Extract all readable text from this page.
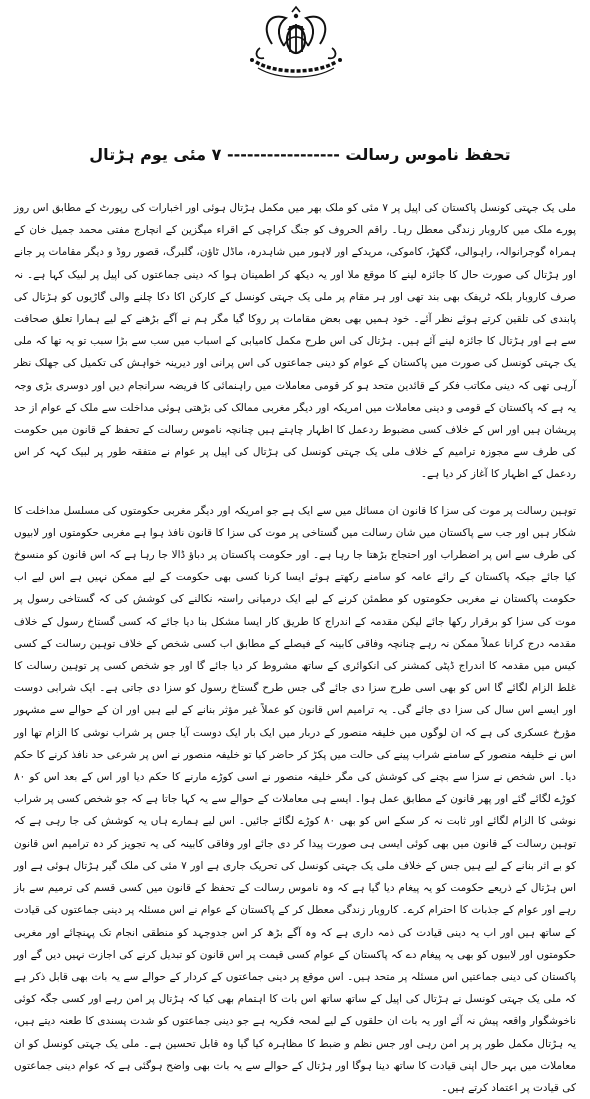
تحفظ ناموس رسالت ----------------- ۷ مئی یوم ہڑتال

ملی یک جہتی کونسل پاکستان کی اپیل پر ۷ مئی کو ملک بھر میں مکمل ہڑتال ہوئی اور اخبارات کی رپورٹ کے مطابق اس روز پورے ملک میں کاروبار زندگی معطل رہا۔ راقم الحروف کو جنگ کراچی کے اقراء میگزین کے انچارج مفتی محمد جمیل خان کے ہمراہ گوجرانوالہ، راہوالی، گکھڑ، کاموکی، مریدکے اور لاہور میں شاہدرہ، ماڈل ٹاؤن، گلبرگ، قصور روڈ و دیگر مقامات پر جانے اور ہڑتال کی صورت حال کا جائزہ لینے کا موقع ملا اور یہ دیکھ کر اطمینان ہوا کہ دینی جماعتوں کی اپیل پر لبیک کہا ہے۔ نہ صرف کاروبار بلکہ ٹریفک بھی بند تھی اور ہر مقام پر ملی یک جہتی کونسل کے کارکن اکا دکا چلنے والی گاڑیوں کو ہڑتال کی پابندی کی تلقین کرتے ہوئے نظر آئے۔ خود ہمیں بھی بعض مقامات پر روکا گیا مگر ہم نے آگے بڑھنے کے لیے ہمارا تعلق صحافت سے ہے اور ہڑتال کا جائزہ لینے آئے ہیں۔ ہڑتال کی اس طرح مکمل کامیابی کے اسباب میں سب سے بڑا سبب تو یہ تھا کہ ملی یک جہتی کونسل کی صورت میں پاکستان کے عوام کو دینی جماعتوں کی اس پرانی اور دیرینہ خواہش کی تکمیل کی جھلک نظر آرہی تھی کہ دینی مکاتب فکر کے قائدین متحد ہو کر قومی معاملات میں راہنمائی کا فریضہ سرانجام دیں اور دوسری بڑی وجہ یہ ہے کہ پاکستان کے قومی و دینی معاملات میں امریکہ اور دیگر مغربی ممالک کی بڑھتی ہوئی مداخلت سے ملک کے عوام از حد پریشان ہیں اور اس کے خلاف کسی مضبوط ردعمل کا اظہار چاہتے ہیں چنانچہ ناموس رسالت کے تحفظ کے قانون میں حکومت کی طرف سے مجوزہ ترامیم کے خلاف ملی یک جہتی کونسل کی ہڑتال کی اپیل پر عوام نے متفقہ طور پر لبیک کہہ کر اس ردعمل کے اظہار کا آغاز کر دیا ہے۔

توہین رسالت پر موت کی سزا کا قانون ان مسائل میں سے ایک ہے جو امریکہ اور دیگر مغربی حکومتوں کی مسلسل مداخلت کا شکار ہیں اور جب سے پاکستان میں شان رسالت میں گستاخی پر موت کی سزا کا قانون نافذ ہوا ہے مغربی حکومتوں اور لابیوں کی طرف سے اس پر اضطراب اور احتجاج بڑھتا جا رہا ہے۔ اور حکومت پاکستان پر دباؤ ڈالا جا رہا ہے کہ اس قانون کو منسوخ کیا جائے جبکہ پاکستان کے رائے عامہ کو سامنے رکھتے ہوئے ایسا کرنا کسی بھی حکومت کے لیے ممکن نہیں ہے اس لیے اب حکومت پاکستان نے مغربی حکومتوں کو مطمئن کرنے کے لیے ایک درمیانی راستہ نکالنے کی کوشش کی کہ گستاخی رسول پر موت کی سزا کو برقرار رکھا جائے لیکن مقدمہ کے اندراج کا طریق کار ایسا مشکل بنا دیا جائے کہ کسی گستاخ رسول کے خلاف مقدمہ درج کرانا عملاً ممکن نہ رہے چنانچہ وفاقی کابینہ کے فیصلے کے مطابق اب کسی شخص کے خلاف توہین رسالت کے کسی کیس میں مقدمہ کا اندراج ڈپٹی کمشنر کی انکوائری کے ساتھ مشروط کر دیا جائے گا اور جو شخص کسی پر توہین رسالت کا غلط الزام لگائے گا اس کو بھی اسی طرح سزا دی جائے گی جس طرح گستاخ رسول کو سزا دی جاتی ہے۔ ایک شرابی دوست اور ایسے اس سال کی سزا دی جائے گی۔ یہ ترامیم اس قانون کو عملاً غیر مؤثر بنانے کے لیے ہیں اور ان کے حوالے سے مشہور مؤرخ عسکری کی ہے کہ ان لوگوں میں خلیفہ منصور کے دربار میں ایک بار ایک دوست آیا جس پر شراب نوشی کا الزام تھا اور اس نے خلیفہ منصور کے سامنے شراب پینے کی حالت میں پکڑ کر حاضر کیا تو خلیفہ منصور نے اس پر شرعی حد نافذ کرنے کا حکم دیا۔ اس شخص نے سزا سے بچنے کی کوشش کی مگر خلیفہ منصور نے اسی کوڑے مارنے کا حکم دیا اور اس کے بعد اس کو ۸۰ کوڑے لگائے گئے اور پھر قانون کے مطابق عمل ہوا۔ ایسے ہی معاملات کے حوالے سے یہ کہا جاتا ہے کہ جو شخص کسی پر شراب نوشی کا الزام لگائے اور ثابت نہ کر سکے اس کو بھی ۸۰ کوڑے لگائے جائیں۔ اس لیے ہمارے ہاں یہ کوشش کی جا رہی ہے کہ توہین رسالت کے قانون میں بھی کوئی ایسی ہی صورت پیدا کر دی جائے اور وفاقی کابینہ کی یہ تجویز کر دہ ترامیم اس قانون کو بے اثر بنانے کے لیے ہیں جس کے خلاف ملی یک جہتی کونسل کی تحریک جاری ہے اور ۷ مئی کی ملک گیر ہڑتال ہوئی ہے اور اس ہڑتال کے ذریعے حکومت کو یہ پیغام دیا گیا ہے کہ وہ ناموس رسالت کے تحفظ کے قانون میں کسی قسم کی ترمیم سے باز رہے اور عوام کے جذبات کا احترام کرے۔ کاروبار زندگی معطل کر کے پاکستان کے عوام نے اس مسئلہ پر دینی جماعتوں کی قیادت کے ساتھ ہیں اور اب یہ دینی قیادت کی ذمہ داری ہے کہ وہ آگے بڑھ کر اس جدوجہد کو منطقی انجام تک پہنچائے اور مغربی حکومتوں اور لابیوں کو بھی یہ پیغام دے کہ پاکستان کے عوام کسی قیمت پر اس قانون کو تبدیل کرنے کی اجازت نہیں دیں گے اور پاکستان کی دینی جماعتیں اس مسئلہ پر متحد ہیں۔ اس موقع پر دینی جماعتوں کے کردار کے حوالے سے یہ بات بھی قابل ذکر ہے کہ ملی یک جہتی کونسل نے ہڑتال کی اپیل کے ساتھ ساتھ اس بات کا اہتمام بھی کیا کہ ہڑتال پر امن رہے اور کسی جگہ کوئی ناخوشگوار واقعہ پیش نہ آئے اور یہ بات ان حلقوں کے لیے لمحہ فکریہ ہے جو دینی جماعتوں کو شدت پسندی کا طعنہ دیتے ہیں، یہ ہڑتال مکمل طور پر پر امن رہی اور جس نظم و ضبط کا مظاہرہ کیا گیا وہ قابل تحسین ہے۔ ملی یک جہتی کونسل کو ان معاملات میں بہر حال اپنی قیادت کا ساتھ دینا ہوگا اور ہڑتال کے حوالے سے یہ بات بھی واضح ہوگئی ہے کہ عوام دینی جماعتوں کی قیادت پر اعتماد کرتے ہیں۔
